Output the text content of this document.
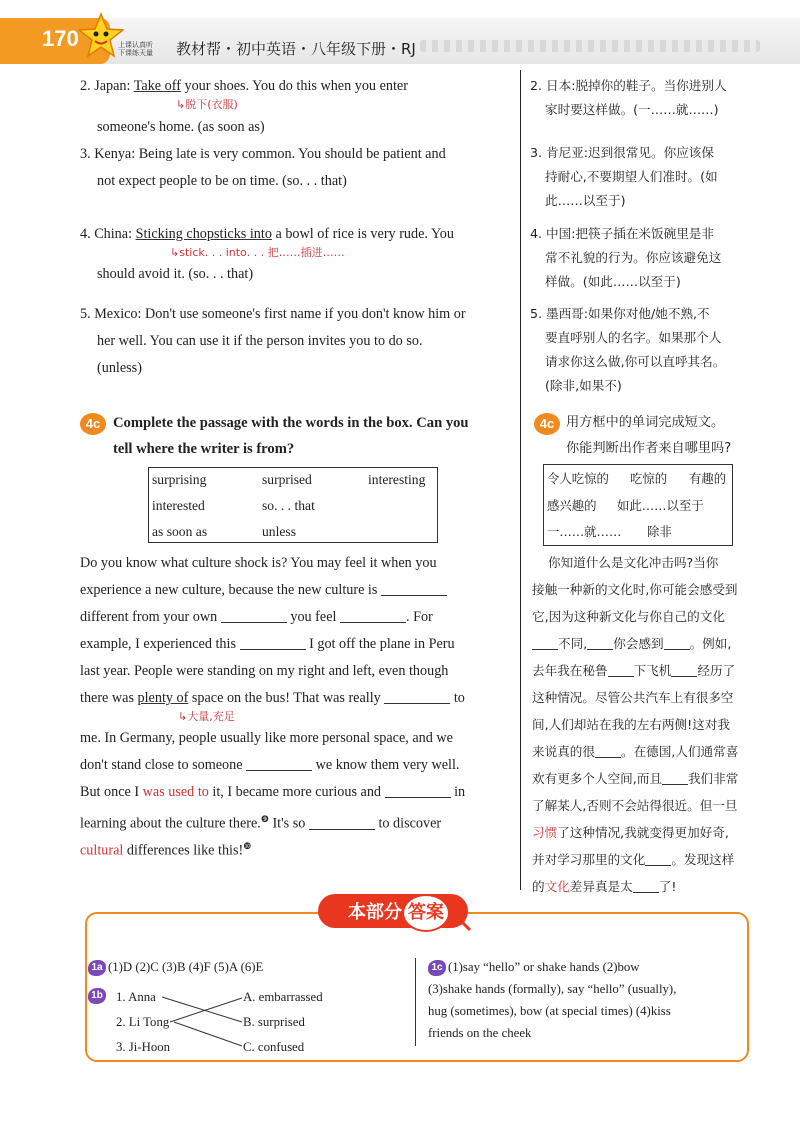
170	上课认真听
下课练天量 教材帮・初中英语・八年级下册・RJ
2. Japan: Take off your shoes. You do this when you enter
↳脱下(衣服)
someone's home. (as soon as)
3. Kenya: Being late is very common. You should be patient and
not expect people to be on time. (so. . . that)
4. China: Sticking chopsticks into a bowl of rice is very rude. You
↳stick. . . into. . . 把……插进……
should avoid it. (so. . . that)
5. Mexico: Don't use someone's first name if you don't know him or
her well. You can use it if the person invites you to do so.
(unless)
4c Complete the passage with the words in the box. Can you
tell where the writer is from?
surprising	surprised	interesting
interested	so. . . that
as soon as	unless
Do you know what culture shock is? You may feel it when you
experience a new culture, because the new culture is
different from your own	you feel	. For
example, I experienced this	I got off the plane in Peru
last year. People were standing on my right and left, even though
there was plenty of space on the bus! That was really	to
↳大量,充足
me. In Germany, people usually like more personal space, and we
don't stand close to someone	we know them very well.
But once I was used to it, I became more curious and	in
learning about the culture there.$^❾$ It's so	to discover
cultural differences like this!$^❿$
2. 日本:脱掉你的鞋子。当你进别人
家时要这样做。(一……就……)
3. 肯尼亚:迟到很常见。你应该保
持耐心,不要期望人们准时。(如
此……以至于)
4. 中国:把筷子插在米饭碗里是非
常不礼貌的行为。你应该避免这
样做。(如此……以至于)
5. 墨西哥:如果你对他/她不熟,不
要直呼别人的名字。如果那个人
请求你这么做,你可以直呼其名。
(除非,如果不)
4c 用方框中的单词完成短文。
你能判断出作者来自哪里吗?
令人吃惊的 吃惊的 有趣的
感兴趣的 如此……以至于
一……就…… 除非
你知道什么是文化冲击吗?当你
接触一种新的文化时,你可能会感受到
它,因为这种新文化与你自己的文化
不同, 你会感到 。例如,
去年我在秘鲁 下飞机 经历了
这种情况。尽管公共汽车上有很多空
间,人们却站在我的左右两侧!这对我
来说真的很 。在德国,人们通常喜
欢有更多个人空间,而且 我们非常
了解某人,否则不会站得很近。但一旦
习惯了这种情况,我就变得更加好奇,
并对学习那里的文化 。发现这样
的文化差异真是太 了!
本部分 答案
1a (1)D (2)C (3)B (4)F (5)A (6)E
1b 1. Anna
2. Li Tong
3. Ji-Hoon
A. embarrassed
B. surprised
C. confused
1c (1)say “hello” or shake hands (2)bow
(3)shake hands (formally), say “hello” (usually),
hug (sometimes), bow (at special times) (4)kiss
friends on the cheek
